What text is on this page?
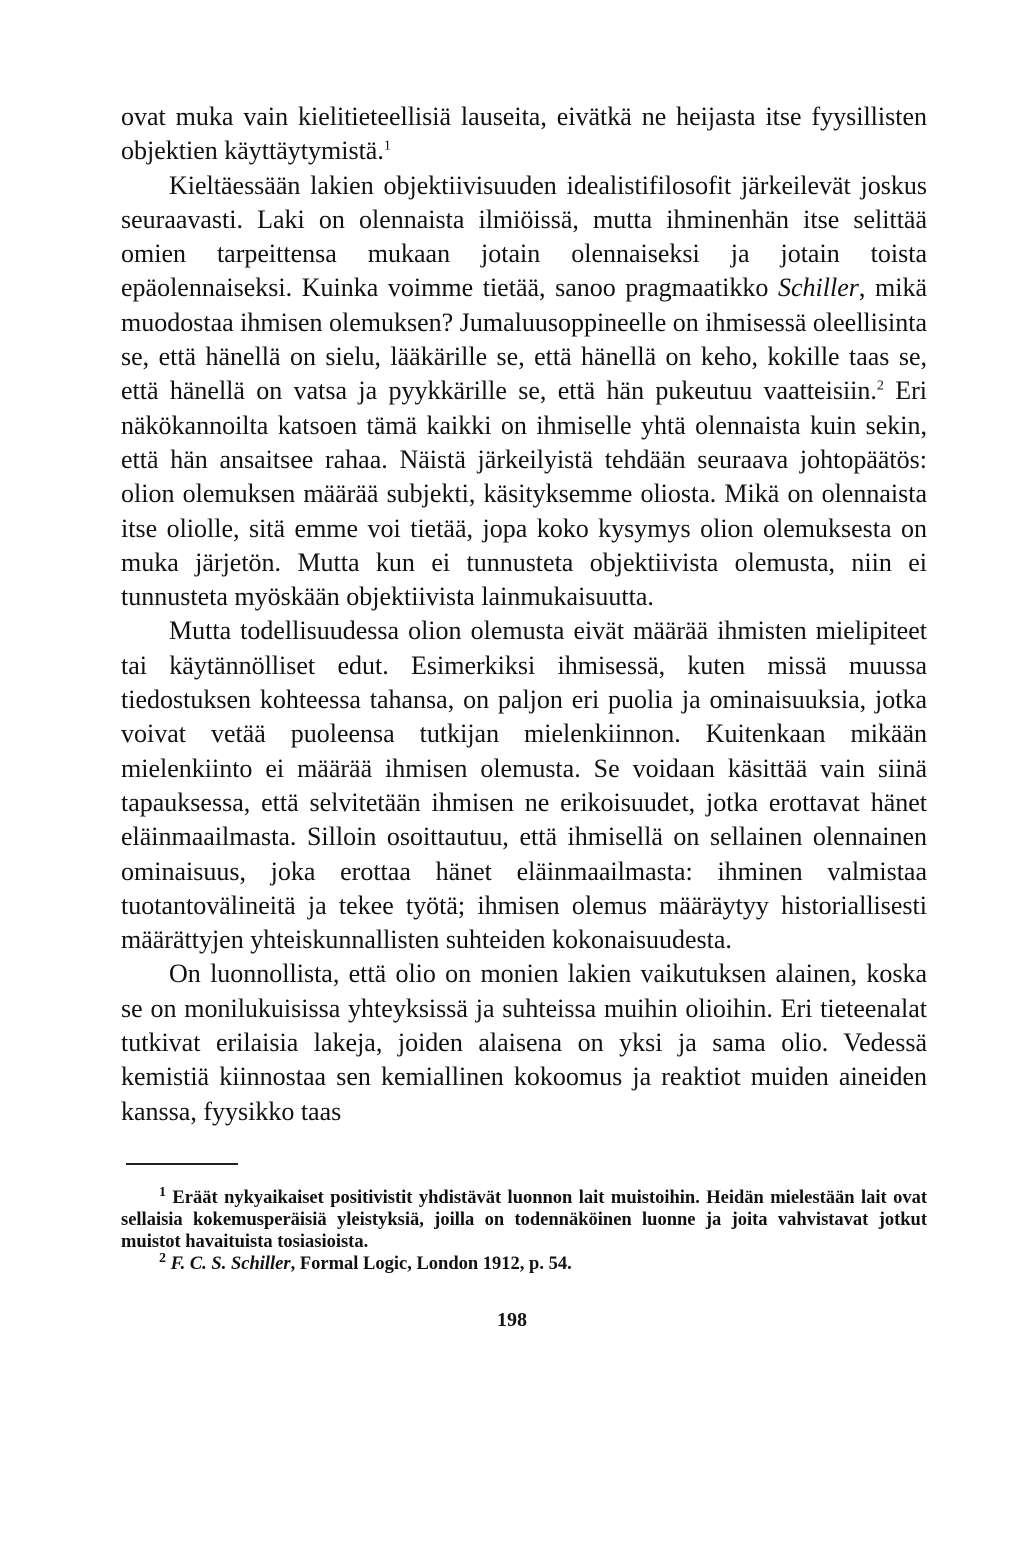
ovat muka vain kielitieteellisiä lauseita, eivätkä ne heijasta itse fyysillisten objektien käyttäytymistä.$^1$

Kieltäessään lakien objektiivisuuden idealistifilosofit järkeilevät joskus seuraavasti. Laki on olennaista ilmiöissä, mutta ihminenhän itse selittää omien tarpeittensa mukaan jotain olennaiseksi ja jotain toista epäolennaiseksi. Kuinka voimme tietää, sanoo pragmaatikko Schiller, mikä muodostaa ihmisen olemuksen? Jumaluusoppineelle on ihmisessä oleellisinta se, että hänellä on sielu, lääkärille se, että hänellä on keho, kokille taas se, että hänellä on vatsa ja pyykkärille se, että hän pukeutuu vaatteisiin.$^2$ Eri näkökannoilta katsoen tämä kaikki on ihmiselle yhtä olennaista kuin sekin, että hän ansaitsee rahaa. Näistä järkeilyistä tehdään seuraava johtopäätös: olion olemuksen määrää subjekti, käsityksemme oliosta. Mikä on olennaista itse oliolle, sitä emme voi tietää, jopa koko kysymys olion olemuksesta on muka järjetön. Mutta kun ei tunnusteta objektiivista olemusta, niin ei tunnusteta myöskään objektiivista lainmukaisuutta.

Mutta todellisuudessa olion olemusta eivät määrää ihmisten mielipiteet tai käytännölliset edut. Esimerkiksi ihmisessä, kuten missä muussa tiedostuksen kohteessa tahansa, on paljon eri puolia ja ominaisuuksia, jotka voivat vetää puoleensa tutkijan mielenkiinnon. Kuitenkaan mikään mielenkiinto ei määrää ihmisen olemusta. Se voidaan käsittää vain siinä tapauksessa, että selvitetään ihmisen ne erikoisuudet, jotka erottavat hänet eläinmaailmasta. Silloin osoittautuu, että ihmisellä on sellainen olennainen ominaisuus, joka erottaa hänet eläinmaailmasta: ihminen valmistaa tuotantovälineitä ja tekee työtä; ihmisen olemus määräytyy historiallisesti määrättyjen yhteiskunnallisten suhteiden kokonaisuudesta.

On luonnollista, että olio on monien lakien vaikutuksen alainen, koska se on monilukuisissa yhteyksissä ja suhteissa muihin olioihin. Eri tieteenalat tutkivat erilaisia lakeja, joiden alaisena on yksi ja sama olio. Vedessä kemistiä kiinnostaa sen kemiallinen kokoomus ja reaktiot muiden aineiden kanssa, fyysikko taas

$^1$ Eräät nykyaikaiset positivistit yhdistävät luonnon lait muistoihin. Heidän mielestään lait ovat sellaisia kokemusperäisiä yleistyksiä, joilla on todennäköinen luonne ja joita vahvistavat jotkut muistot havaituista tosiasioista.

$^2$ F. C. S. Schiller, Formal Logic, London 1912, p. 54.

198
